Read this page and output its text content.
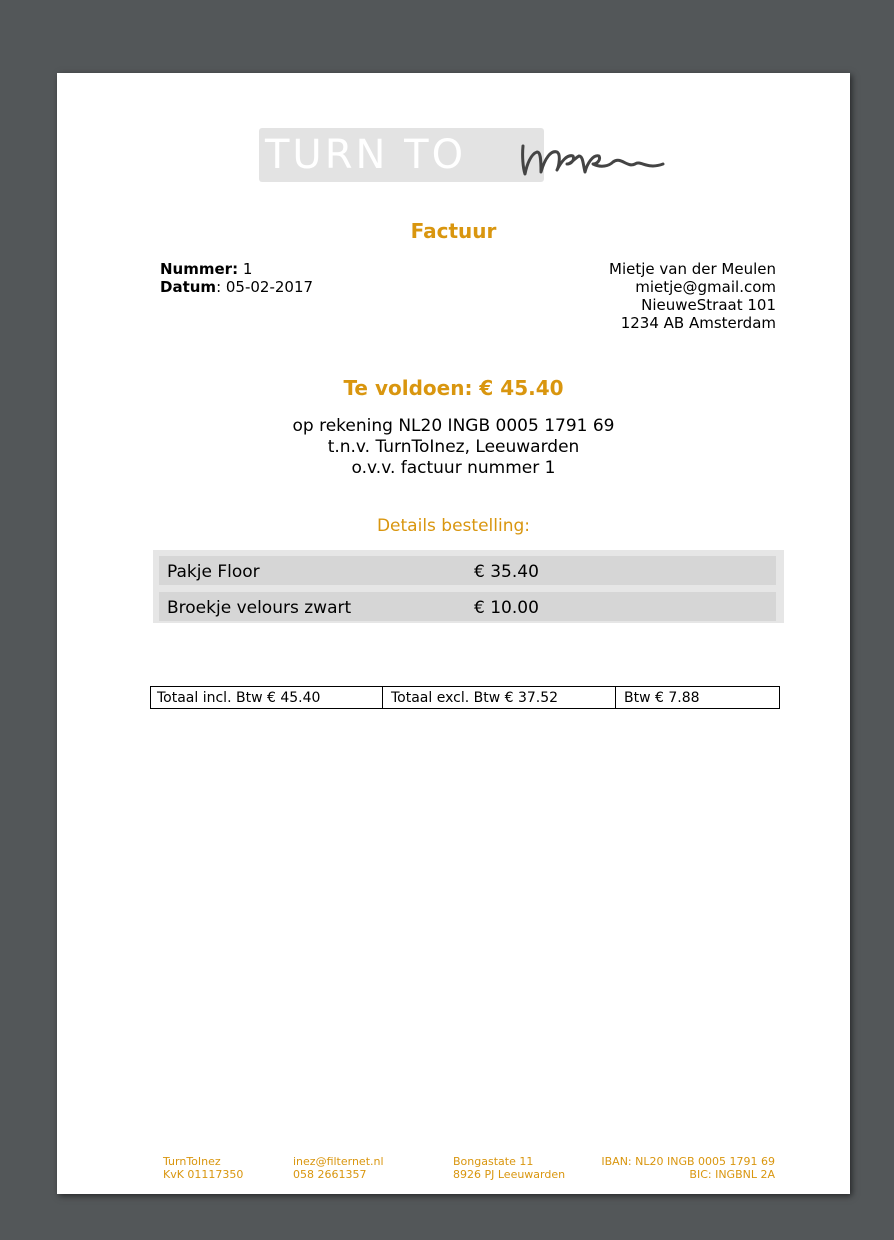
TURN TO
Factuur
Nummer: 1
Datum: 05-02-2017
Mietje van der Meulen
mietje@gmail.com
NieuweStraat 101
1234 AB Amsterdam
Te voldoen: € 45.40
op rekening NL20 INGB 0005 1791 69
t.n.v. TurnToInez, Leeuwarden
o.v.v. factuur nummer 1
Details bestelling:
Pakje Floor	€ 35.40
Broekje velours zwart	€ 10.00
Totaal incl. Btw € 45.40	Totaal excl. Btw € 37.52	Btw € 7.88
TurnToInez
KvK 01117350
inez@filternet.nl
058 2661357
Bongastate 11
8926 PJ Leeuwarden
IBAN: NL20 INGB 0005 1791 69
BIC: INGBNL 2A
